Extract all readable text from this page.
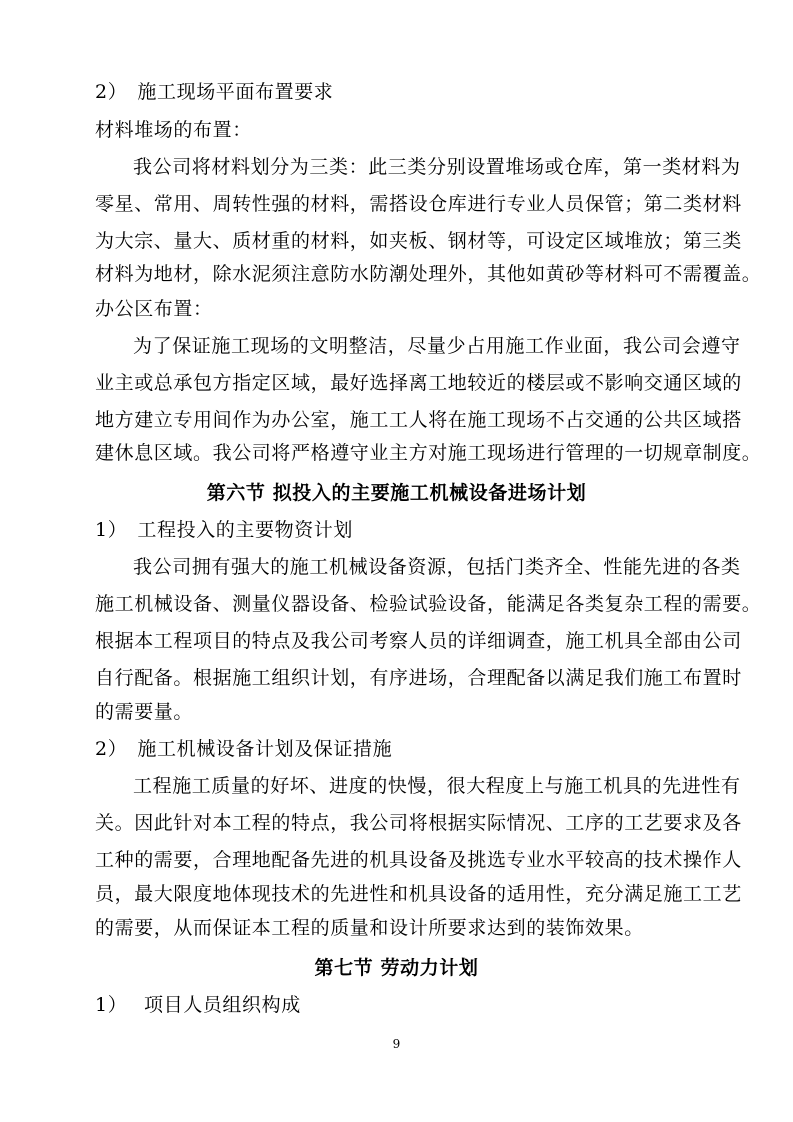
2）　施工现场平面布置要求
材料堆场的布置：
我公司将材料划分为三类：此三类分别设置堆场或仓库，第一类材料为
零星、常用、周转性强的材料，需搭设仓库进行专业人员保管；第二类材料
为大宗、量大、质材重的材料，如夹板、钢材等，可设定区域堆放；第三类
材料为地材，除水泥须注意防水防潮处理外，其他如黄砂等材料可不需覆盖。
办公区布置：
为了保证施工现场的文明整洁，尽量少占用施工作业面，我公司会遵守
业主或总承包方指定区域，最好选择离工地较近的楼层或不影响交通区域的
地方建立专用间作为办公室，施工工人将在施工现场不占交通的公共区域搭
建休息区域。我公司将严格遵守业主方对施工现场进行管理的一切规章制度。
第六节 拟投入的主要施工机械设备进场计划
1）　工程投入的主要物资计划
我公司拥有强大的施工机械设备资源，包括门类齐全、性能先进的各类
施工机械设备、测量仪器设备、检验试验设备，能满足各类复杂工程的需要。
根据本工程项目的特点及我公司考察人员的详细调查，施工机具全部由公司
自行配备。根据施工组织计划，有序进场，合理配备以满足我们施工布置时
的需要量。
2）　施工机械设备计划及保证措施
工程施工质量的好坏、进度的快慢，很大程度上与施工机具的先进性有
关。因此针对本工程的特点，我公司将根据实际情况、工序的工艺要求及各
工种的需要，合理地配备先进的机具设备及挑选专业水平较高的技术操作人
员，最大限度地体现技术的先进性和机具设备的适用性，充分满足施工工艺
的需要，从而保证本工程的质量和设计所要求达到的装饰效果。
第七节 劳动力计划
1）　 项目人员组织构成
9
